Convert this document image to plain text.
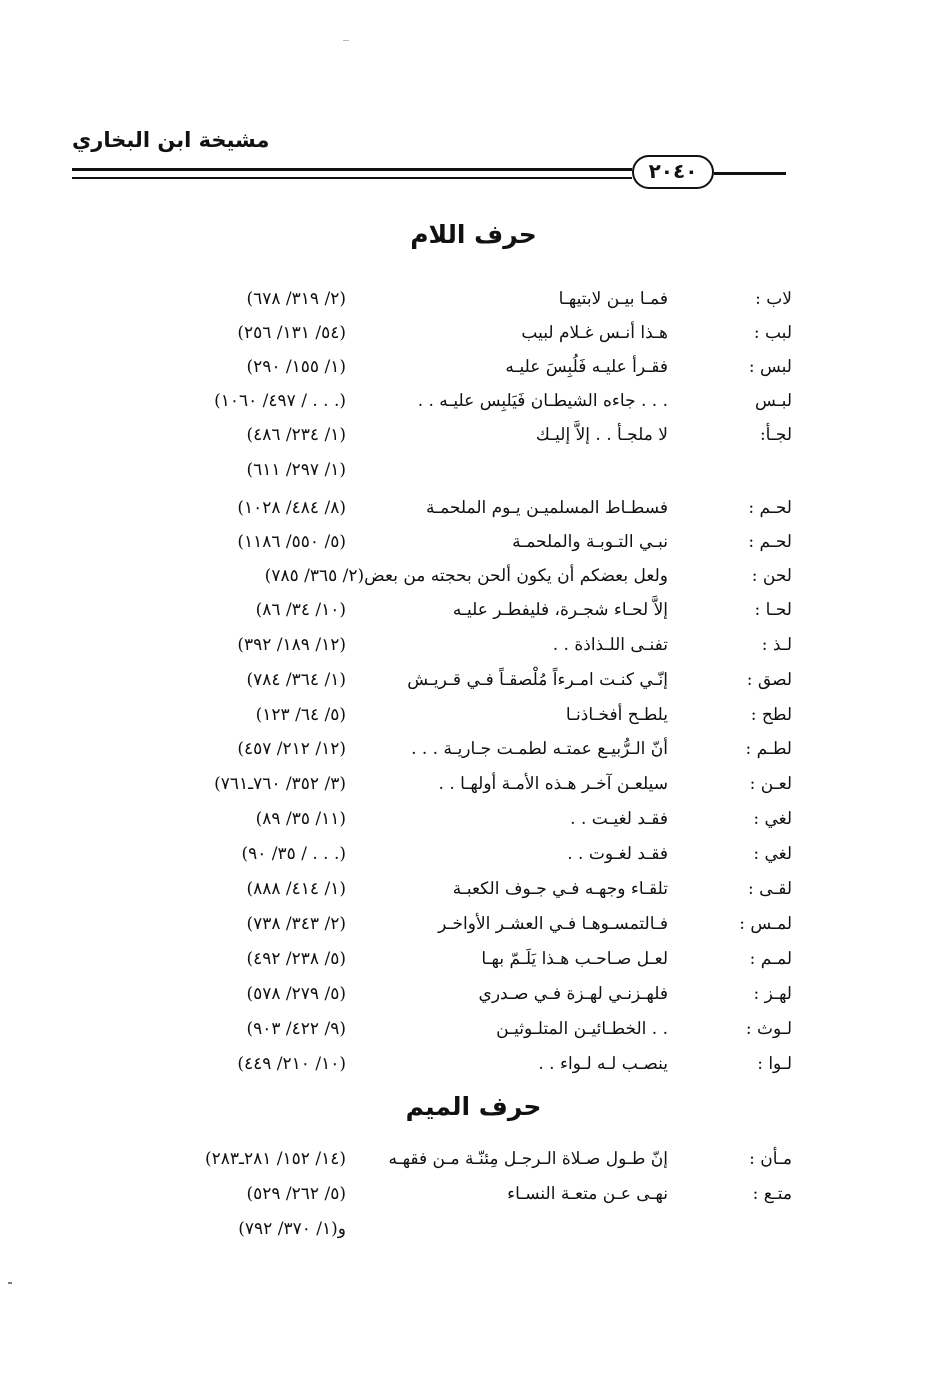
مشيخة ابن البخاري
٢٠٤٠
حرف اللام
لاب :
فمـا بيـن لابتيهـا
(٢/ ٣١٩/ ٦٧٨)
لبب :
هـذا أنـس غـلام لبيب
(٥٤/ ١٣١/ ٢٥٦)
لبس :
فقـرأ عليـه فَلُبِسَ عليـه
(١/ ١٥٥/ ٢٩٠)
لبـس
. . . جاءه الشيطـان فَيَلبِس عليـه . .
(. . . / ٤٩٧/ ١٠٦٠)
لجـأ:
لا ملجـأ . . إلاَّ إليـك
(١/ ٢٣٤/ ٤٨٦)
(١/ ٢٩٧/ ٦١١)
لحـم :
فسطـاط المسلميـن يـوم الملحمـة
(٨/ ٤٨٤/ ١٠٢٨)
لحـم :
نبـي التـوبـة والملحمـة
(٥/ ٥٥٠/ ١١٨٦)
لحن :
ولعل بعضكم أن يكون ألحن بحجته من بعض(٢/ ٣٦٥/ ٧٨٥)
لحـا :
إلاَّ لحـاء شجـرة، فليفطـر عليـه
(١٠/ ٣٤/ ٨٦)
لـذ :
تفنـى اللـذاذة . .
(١٢/ ١٨٩/ ٣٩٢)
لصق :
إنّـي كنـت امـرءاً مُلْصقـاً فـي قـريـش
(١/ ٣٦٤/ ٧٨٤)
لطح :
يلطـح أفخـاذنـا
(٥/ ٦٤/ ١٢٣)
لطـم :
أنّ الـرُّبيـع عمتـه لطمـت جـاريـة . . .
(١٢/ ٢١٢/ ٤٥٧)
لعـن :
سيلعـن آخـر هـذه الأمـة أولهـا . .
(٣/ ٣٥٢/ ٧٦٠ـ٧٦١)
لغي :
فقـد لغيـت . .
(١١/ ٣٥/ ٨٩)
لغي :
فقـد لغـوت . .
(. . . / ٣٥/ ٩٠)
لقـى :
تلقـاء وجهـه فـي جـوف الكعبـة
(١/ ٤١٤/ ٨٨٨)
لمـس :
فـالتمسـوهـا فـي العشـر الأواخـر
(٢/ ٣٤٣/ ٧٣٨)
لمـم :
لعـل صـاحـب هـذا يَلَـمّ بهـا
(٥/ ٢٣٨/ ٤٩٢)
لهـز :
فلهـزنـي لهـزة فـي صـدري
(٥/ ٢٧٩/ ٥٧٨)
لـوث :
. . الخطـائيـن المتلـوثيـن
(٩/ ٤٢٢/ ٩٠٣)
لـوا :
ينصـب لـه لـواء . .
(١٠/ ٢١٠/ ٤٤٩)
حرف الميم
مـأن :
إنّ طـول صـلاة الـرجـل مِئنّـة مـن فقهـه
(١٤/ ١٥٢/ ٢٨١ـ٢٨٣)
متـع :
نهـى عـن متعـة النسـاء
(٥/ ٢٦٢/ ٥٢٩)
و(١/ ٣٧٠/ ٧٩٢)
